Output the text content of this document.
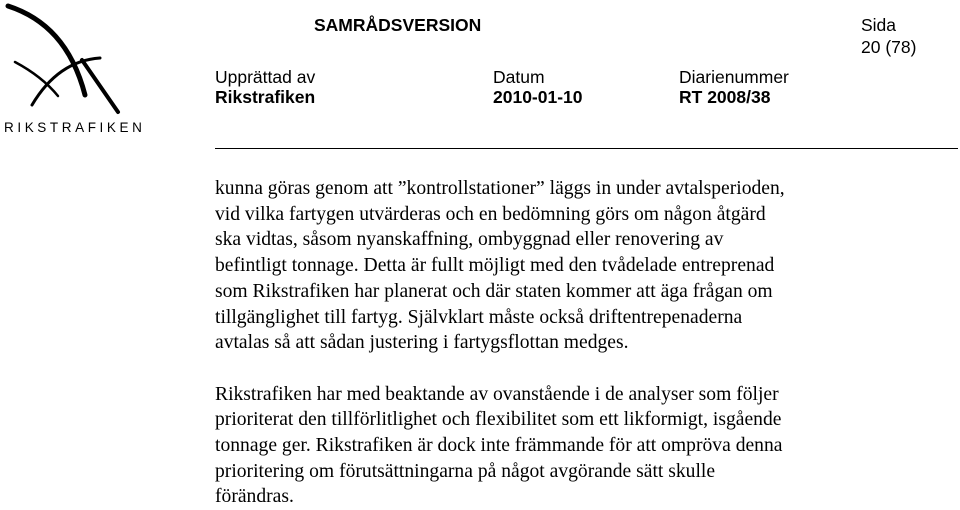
RIKSTRAFIKEN
SAMRÅDSVERSION	Sida
20 (78)
Upprättad av
Rikstrafiken
Datum
2010-01-10
Diarienummer
RT 2008/38

kunna göras genom att ”kontrollstationer” läggs in under avtalsperioden,
vid vilka fartygen utvärderas och en bedömning görs om någon åtgärd
ska vidtas, såsom nyanskaffning, ombyggnad eller renovering av
befintligt tonnage. Detta är fullt möjligt med den tvådelade entreprenad
som Rikstrafiken har planerat och där staten kommer att äga frågan om
tillgänglighet till fartyg. Självklart måste också driftentrepenaderna
avtalas så att sådan justering i fartygsflottan medges.

Rikstrafiken har med beaktande av ovanstående i de analyser som följer
prioriterat den tillförlitlighet och flexibilitet som ett likformigt, isgående
tonnage ger. Rikstrafiken är dock inte främmande för att ompröva denna
prioritering om förutsättningarna på något avgörande sätt skulle
förändras.
